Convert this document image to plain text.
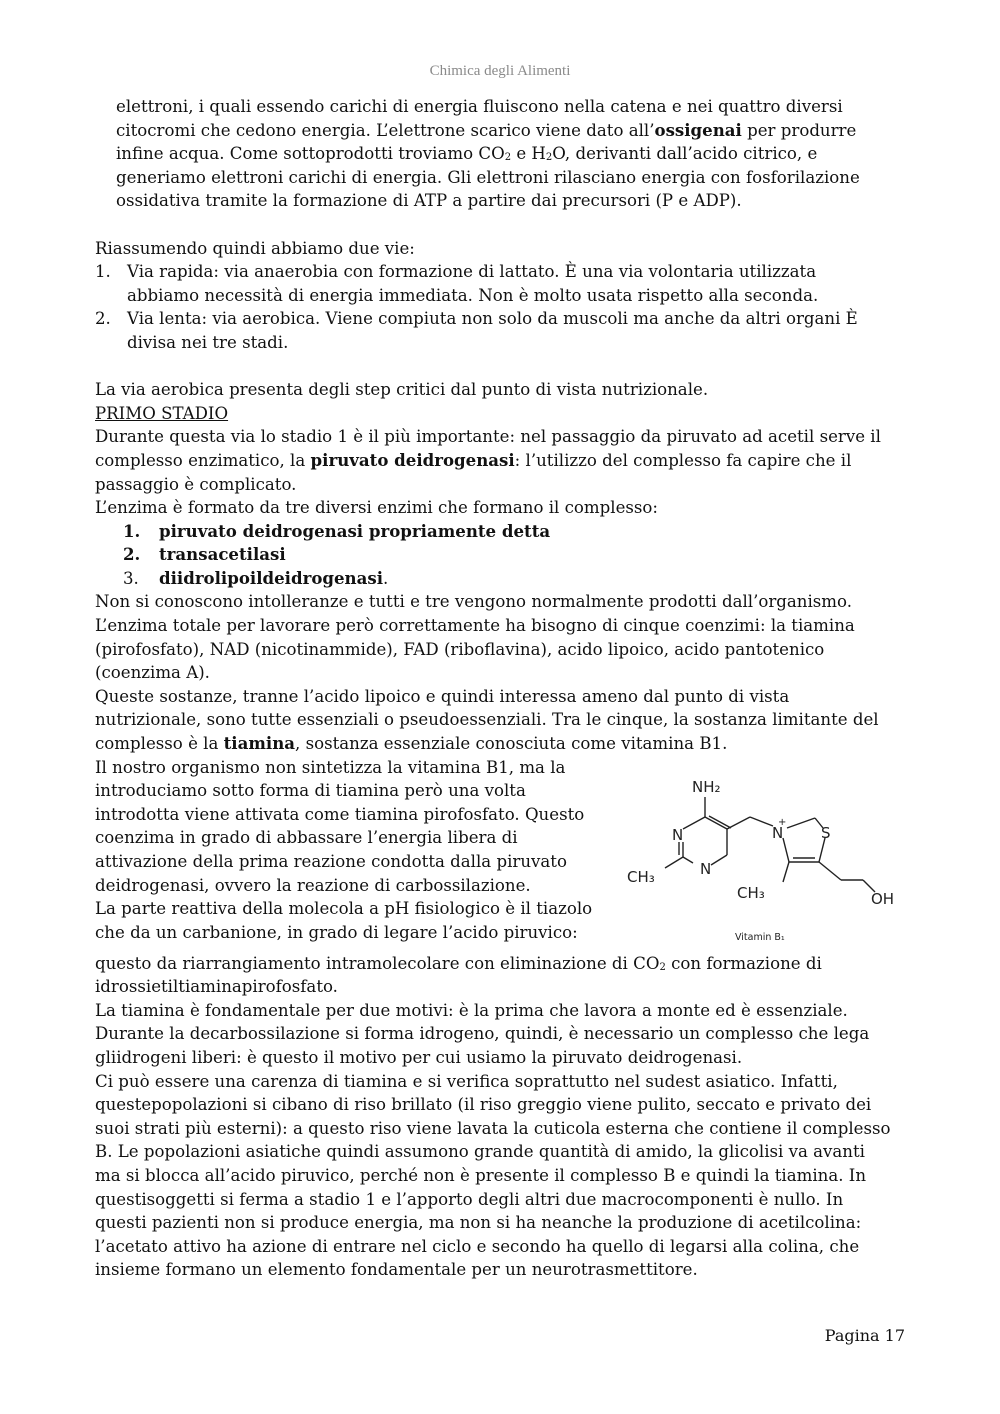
Chimica degli Alimenti
elettroni, i quali essendo carichi di energia fluiscono nella catena e nei quattro diversi
citocromi che cedono energia. L’elettrone scarico viene dato all’ossigenai per produrre
infine acqua. Come sottoprodotti troviamo $CO_2$ e $H_2O$, derivanti dall’acido citrico, e
generiamo elettroni carichi di energia. Gli elettroni rilasciano energia con fosforilazione
ossidativa tramite la formazione di ATP a partire dai precursori (P e ADP).
Riassumendo quindi abbiamo due vie:
1. Via rapida: via anaerobia con formazione di lattato. È una via volontaria utilizzata
abbiamo necessità di energia immediata. Non è molto usata rispetto alla seconda.
2. Via lenta: via aerobica. Viene compiuta non solo da muscoli ma anche da altri organi È
divisa nei tre stadi.
La via aerobica presenta degli step critici dal punto di vista nutrizionale.
PRIMO STADIO
Durante questa via lo stadio 1 è il più importante: nel passaggio da piruvato ad acetil serve il
complesso enzimatico, la piruvato deidrogenasi: l’utilizzo del complesso fa capire che il
passaggio è complicato.
L’enzima è formato da tre diversi enzimi che formano il complesso:
1.	piruvato deidrogenasi propriamente detta
2.	transacetilasi
3.	diidrolipoildeidrogenasi.
Non si conoscono intolleranze e tutti e tre vengono normalmente prodotti dall’organismo.
L’enzima totale per lavorare però correttamente ha bisogno di cinque coenzimi: la tiamina
(pirofosfato), NAD (nicotinammide), FAD (riboflavina), acido lipoico, acido pantotenico
(coenzima A).
Queste sostanze, tranne l’acido lipoico e quindi interessa ameno dal punto di vista
nutrizionale, sono tutte essenziali o pseudoessenziali. Tra le cinque, la sostanza limitante del
complesso è la tiamina, sostanza essenziale conosciuta come vitamina B1.
NH₂
N
N
N
+
S
CH₃
CH₃	OH
Vitamin B₁
Il nostro organismo non sintetizza la vitamina B1, ma la
introduciamo sotto forma di tiamina però una volta
introdotta viene attivata come tiamina pirofosfato. Questo
coenzima in grado di abbassare l’energia libera di
attivazione della prima reazione condotta dalla piruvato
deidrogenasi, ovvero la reazione di carbossilazione.
La parte reattiva della molecola a pH fisiologico è il tiazolo
che da un carbanione, in grado di legare l’acido piruvico:
questo da riarrangiamento intramolecolare con eliminazione di $CO_2$ con formazione di
idrossietiltiaminapirofosfato.
La tiamina è fondamentale per due motivi: è la prima che lavora a monte ed è essenziale.
Durante la decarbossilazione si forma idrogeno, quindi, è necessario un complesso che lega
gliidrogeni liberi: è questo il motivo per cui usiamo la piruvato deidrogenasi.
Ci può essere una carenza di tiamina e si verifica soprattutto nel sudest asiatico. Infatti,
questepopolazioni si cibano di riso brillato (il riso greggio viene pulito, seccato e privato dei
suoi strati più esterni): a questo riso viene lavata la cuticola esterna che contiene il complesso
B. Le popolazioni asiatiche quindi assumono grande quantità di amido, la glicolisi va avanti
ma si blocca all’acido piruvico, perché non è presente il complesso B e quindi la tiamina. In
questisoggetti si ferma a stadio 1 e l’apporto degli altri due macrocomponenti è nullo. In
questi pazienti non si produce energia, ma non si ha neanche la produzione di acetilcolina:
l’acetato attivo ha azione di entrare nel ciclo e secondo ha quello di legarsi alla colina, che
insieme formano un elemento fondamentale per un neurotrasmettitore.
Pagina 17
